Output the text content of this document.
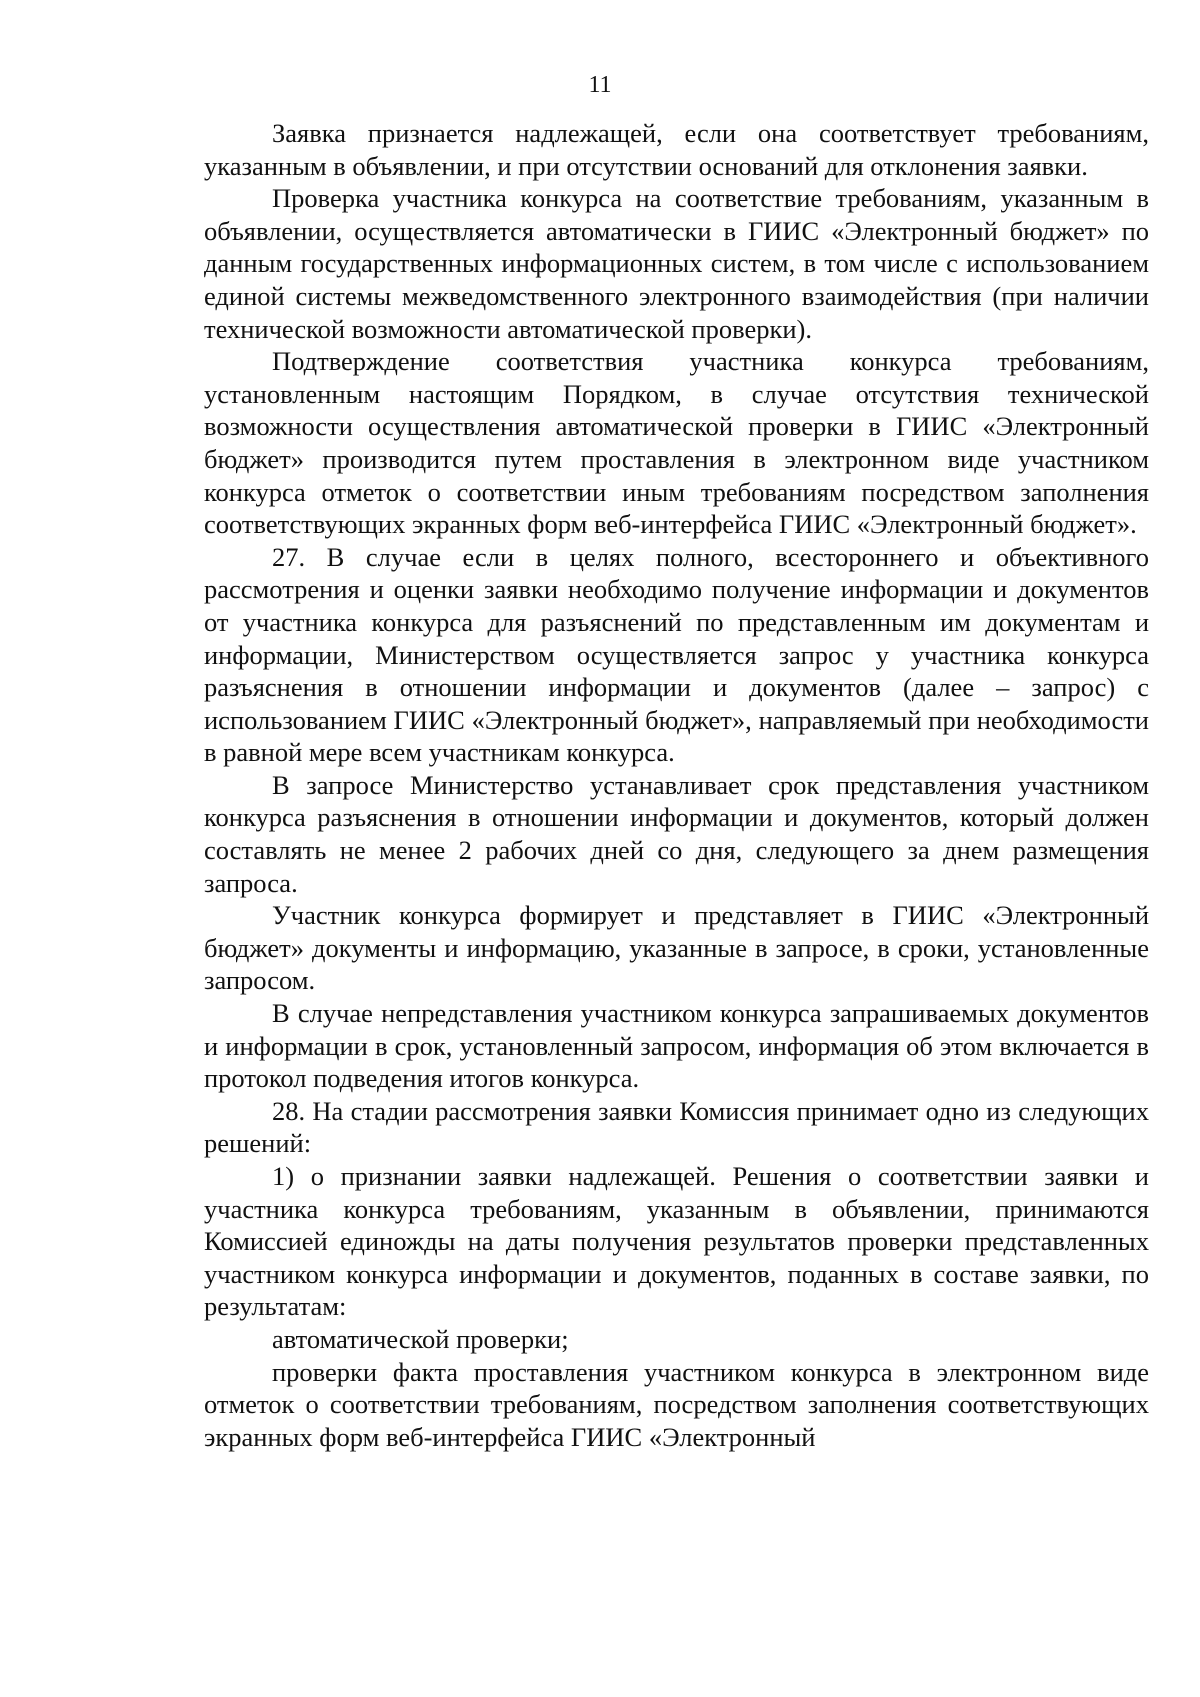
11

Заявка признается надлежащей, если она соответствует требованиям, указанным в объявлении, и при отсутствии оснований для отклонения заявки.

Проверка участника конкурса на соответствие требованиям, указанным в объявлении, осуществляется автоматически в ГИИС «Электронный бюджет» по данным государственных информационных систем, в том числе с использованием единой системы межведомственного электронного взаимодействия (при наличии технической возможности автоматической проверки).

Подтверждение соответствия участника конкурса требованиям, установленным настоящим Порядком, в случае отсутствия технической возможности осуществления автоматической проверки в ГИИС «Электронный бюджет» производится путем проставления в электронном виде участником конкурса отметок о соответствии иным требованиям посредством заполнения соответствующих экранных форм веб-интерфейса ГИИС «Электронный бюджет».

27. В случае если в целях полного, всестороннего и объективного рассмотрения и оценки заявки необходимо получение информации и документов от участника конкурса для разъяснений по представленным им документам и информации, Министерством осуществляется запрос у участника конкурса разъяснения в отношении информации и документов (далее – запрос) с использованием ГИИС «Электронный бюджет», направляемый при необходимости в равной мере всем участникам конкурса.

В запросе Министерство устанавливает срок представления участником конкурса разъяснения в отношении информации и документов, который должен составлять не менее 2 рабочих дней со дня, следующего за днем размещения запроса.

Участник конкурса формирует и представляет в ГИИС «Электронный бюджет» документы и информацию, указанные в запросе, в сроки, установленные запросом.

В случае непредставления участником конкурса запрашиваемых документов и информации в срок, установленный запросом, информация об этом включается в протокол подведения итогов конкурса.

28. На стадии рассмотрения заявки Комиссия принимает одно из следующих решений:

1) о признании заявки надлежащей. Решения о соответствии заявки и участника конкурса требованиям, указанным в объявлении, принимаются Комиссией единожды на даты получения результатов проверки представленных участником конкурса информации и документов, поданных в составе заявки, по результатам:

автоматической проверки;

проверки факта проставления участником конкурса в электронном виде отметок о соответствии требованиям, посредством заполнения соответствующих экранных форм веб-интерфейса ГИИС «Электронный
